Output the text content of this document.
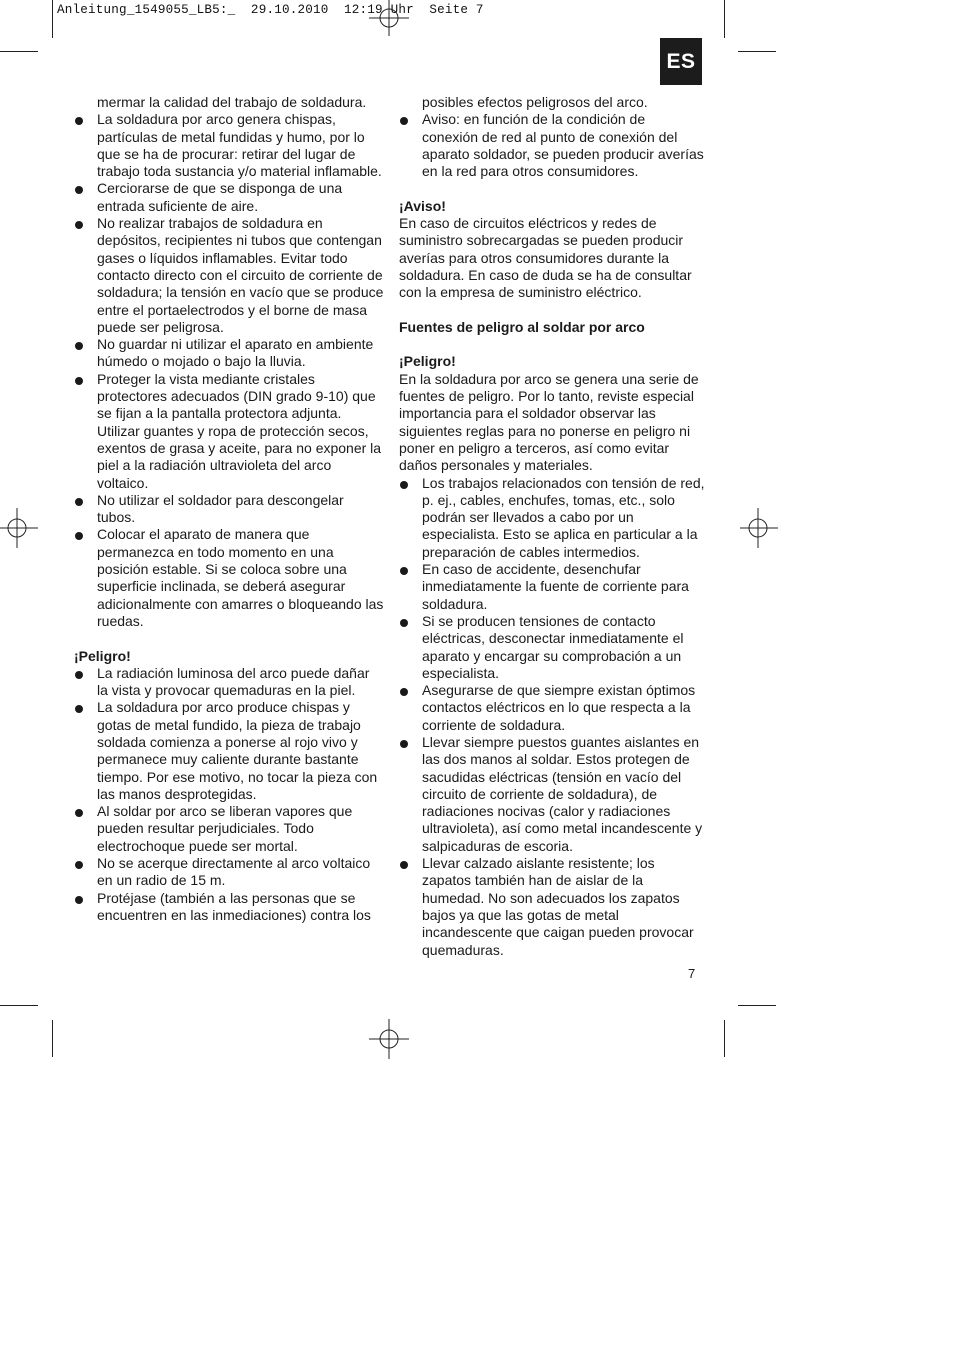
Anleitung_1549055_LB5:_  29.10.2010  12:19 Uhr  Seite 7
ES
mermar la calidad del trabajo de soldadura.
La soldadura por arco genera chispas, partículas de metal fundidas y humo, por lo que se ha de procurar: retirar del lugar de trabajo toda sustancia y/o material inflamable.
Cerciorarse de que se disponga de una entrada suficiente de aire.
No realizar trabajos de soldadura en depósitos, recipientes ni tubos que contengan gases o líquidos inflamables. Evitar todo contacto directo con el circuito de corriente de soldadura; la tensión en vacío que se produce entre el portaelectrodos y el borne de masa puede ser peligrosa.
No guardar ni utilizar el aparato en ambiente húmedo o mojado o bajo la lluvia.
Proteger la vista mediante cristales protectores adecuados (DIN grado 9-10) que se fijan a la pantalla protectora adjunta. Utilizar guantes y ropa de protección secos, exentos de grasa y aceite, para no exponer la piel a la radiación ultravioleta del arco voltaico.
No utilizar el soldador para descongelar tubos.
Colocar el aparato de manera que permanezca en todo momento en una posición estable. Si se coloca sobre una superficie inclinada, se deberá asegurar adicionalmente con amarres o bloqueando las ruedas.
¡Peligro!
La radiación luminosa del arco puede dañar la vista y provocar quemaduras en la piel.
La soldadura por arco produce chispas y gotas de metal fundido, la pieza de trabajo soldada comienza a ponerse al rojo vivo y permanece muy caliente durante bastante tiempo. Por ese motivo, no tocar la pieza con las manos desprotegidas.
Al soldar por arco se liberan vapores que pueden resultar perjudiciales. Todo electrochoque puede ser mortal.
No se acerque directamente al arco voltaico en un radio de 15 m.
Protéjase (también a las personas que se encuentren en las inmediaciones) contra los
posibles efectos peligrosos del arco.
Aviso: en función de la condición de conexión de red al punto de conexión del aparato soldador, se pueden producir averías en la red para otros consumidores.
¡Aviso!
En caso de circuitos eléctricos y redes de suministro sobrecargadas se pueden producir averías para otros consumidores durante la soldadura. En caso de duda se ha de consultar con la empresa de suministro eléctrico.
Fuentes de peligro al soldar por arco
¡Peligro!
En la soldadura por arco se genera una serie de fuentes de peligro. Por lo tanto, reviste especial importancia para el soldador observar las siguientes reglas para no ponerse en peligro ni poner en peligro a terceros, así como evitar daños personales y materiales.
Los trabajos relacionados con tensión de red, p. ej., cables, enchufes, tomas, etc., solo podrán ser llevados a cabo por un especialista. Esto se aplica en particular a la preparación de cables intermedios.
En caso de accidente, desenchufar inmediatamente la fuente de corriente para soldadura.
Si se producen tensiones de contacto eléctricas, desconectar inmediatamente el aparato y encargar su comprobación a un especialista.
Asegurarse de que siempre existan óptimos contactos eléctricos en lo que respecta a la corriente de soldadura.
Llevar siempre puestos guantes aislantes en las dos manos al soldar. Estos protegen de sacudidas eléctricas (tensión en vacío del circuito de corriente de soldadura), de radiaciones nocivas (calor y radiaciones ultravioleta), así como metal incandescente y salpicaduras de escoria.
Llevar calzado aislante resistente; los zapatos también han de aislar de la humedad. No son adecuados los zapatos bajos ya que las gotas de metal incandescente que caigan pueden provocar quemaduras.
7
